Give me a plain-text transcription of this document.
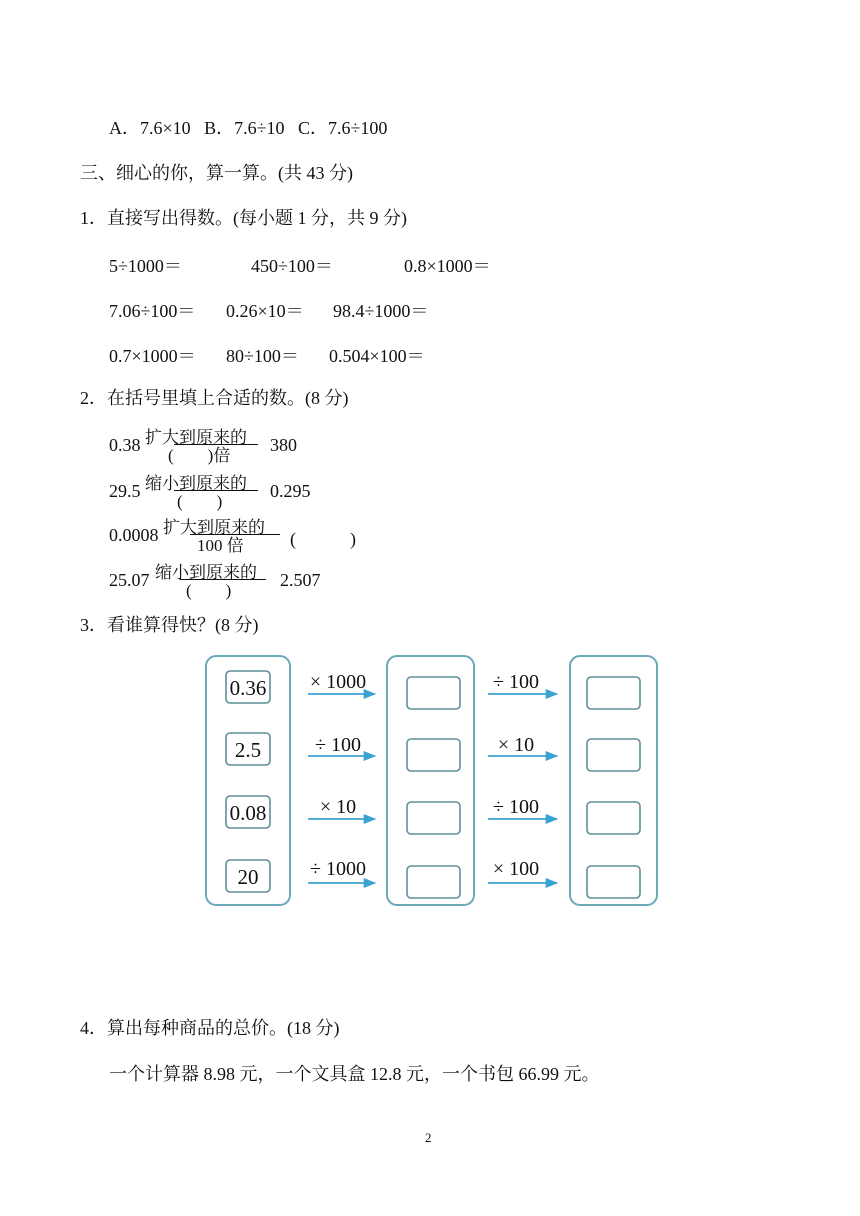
A．7.6×10 B．7.6÷10 C．7.6÷100
三、细心的你，算一算。(共 43 分)
1．直接写出得数。(每小题 1 分，共 9 分)
5÷1000＝	450÷100＝	0.8×1000＝
7.06÷100＝ 0.26×10＝ 98.4÷1000＝
0.7×1000＝ 80÷100＝ 0.504×100＝
2．在括号里填上合适的数。(8 分)
0.38 扩大到原来的
(　　)倍
380
29.5 缩小到原来的
(　　)
0.295
0.0008 扩大到原来的
100 倍	(　　　)
25.07 缩小到原来的
(　　)
2.507
3．看谁算得快？(8 分)
0.36 × 1000	÷ 100
2.5	÷ 100	× 10
0.08	× 10	÷ 100
20	÷ 1000	× 100
4．算出每种商品的总价。(18 分)
一个计算器 8.98 元，一个文具盒 12.8 元，一个书包 66.99 元。
2
